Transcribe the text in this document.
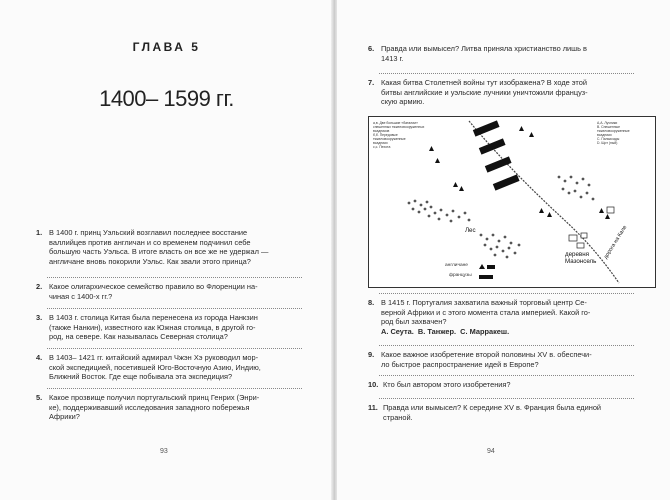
ГЛАВА 5
1400– 1599 гг.
1. В 1400 г. принц Уэльский возглавил последнее восстание
валлийцев против англичан и со временем подчинил себе
большую часть Уэльса. В итоге власть он все же не удержал —
англичане вновь покорили Уэльс. Как звали этого принца?
2. Какое олигархическое семейство правило во Флоренции на-
чиная с 1400-х гг.?
3. В 1403 г. столица Китая была перенесена из города Нанкзин
(также Нанкин), известного как Южная столица, в другой го-
род, на севере. Как называлась Северная столица?
4. В 1403– 1421 гг. китайский адмирал Чжэн Хэ руководил мор-
ской экспедицией, посетившей Юго-Восточную Азию, Индию,
Ближний Восток. Где еще побывала эта экспедиция?
5. Какое прозвище получил португальский принц Генрих (Энри-
ке), поддерживавший исследования западного побережья
Африки?
93
6. Правда или вымысел? Литва приняла христианство лишь в
1413 г.
7. Какая битва Столетней войны тут изображена? В ходе этой
битвы английские и уэльские лучники уничтожили француз-
скую армию.
8. В 1415 г. Португалия захватила важный торговый центр Се-
верной Африки и с этого момента стала империей. Какой го-
род был захвачен?
A. Сеута. B. Танжер. C. Марракеш.
9. Какое важное изобретение второй половины XV в. обеспечи-
ло быстрое распространение идей в Европе?
10. Кто был автором этого изобретения?
11. Правда или вымысел? К середине XV в. Франция была единой
страной.
94
а,в. Две большие «баталии»
спешенных тяжеловооруженных
всадников
б,б. Передовые
тяжеловооруженные
всадники
с,с. Пехота
А,А. Лучники
В. Спешенные
тяжеловооруженные
всадники
С. Пальисады
D. Щит (ный)
англичане
французы
Лес
деревня
Мазонсель
дорога на Кале
